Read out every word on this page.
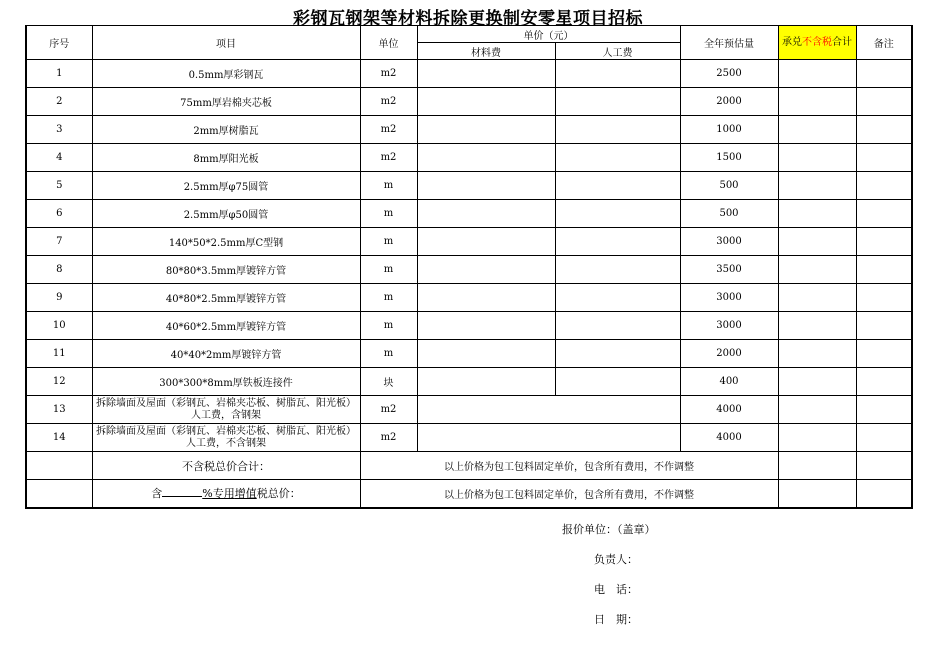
彩钢瓦钢架等材料拆除更换制安零星项目招标
序号	项目	单位	单价（元）		全年预估量	承兑不含税合计	备注
			材料费	人工费			
1	0.5mm厚彩钢瓦	m2			2500		
2	75mm厚岩棉夹芯板	m2			2000		
3	2mm厚树脂瓦	m2			1000		
4	8mm厚阳光板	m2			1500		
5	2.5mm厚φ75圆管	m			500		
6	2.5mm厚φ50圆管	m			500		
7	140*50*2.5mm厚C型钢	m			3000		
8	80*80*3.5mm厚镀锌方管	m			3500		
9	40*80*2.5mm厚镀锌方管	m			3000		
10	40*60*2.5mm厚镀锌方管	m			3000		
11	40*40*2mm厚镀锌方管	m			2000		
12	300*300*8mm厚铁板连接件	块			400		
13	拆除墙面及屋面（彩钢瓦、岩棉夹芯板、树脂瓦、阳光板）人工费，含钢架	m2			4000		
14	拆除墙面及屋面（彩钢瓦、岩棉夹芯板、树脂瓦、阳光板）人工费，不含钢架	m2			4000		
	不含税总价合计：	以上价格为包工包料固定单价，包含所有费用，不作调整					
	含 %专用增值税总价：	以上价格为包工包料固定单价，包含所有费用，不作调整					
报价单位：（盖章）
负责人：
电　话：
日　期：
